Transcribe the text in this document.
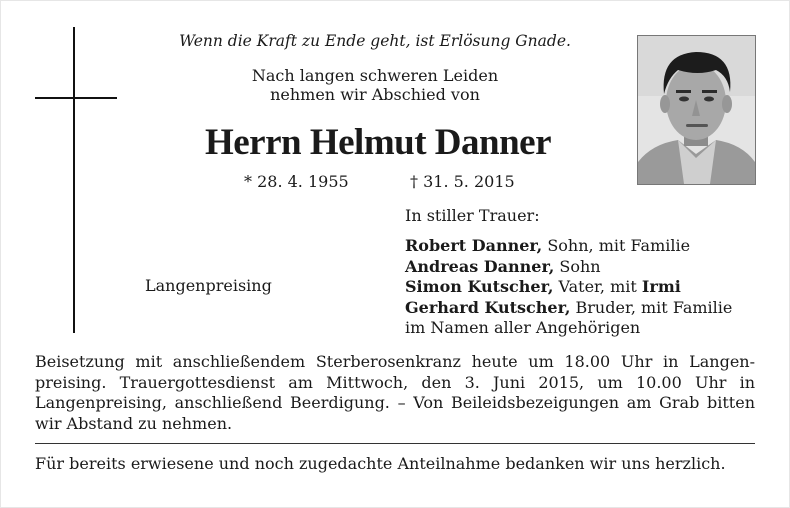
Wenn die Kraft zu Ende geht, ist Erlösung Gnade.
Nach langen schweren Leiden
nehmen wir Abschied von
Herrn Helmut Danner
* 28. 4. 1955	† 31. 5. 2015
Langenpreising
In stiller Trauer:
Robert Danner, Sohn, mit Familie
Andreas Danner, Sohn
Simon Kutscher, Vater, mit Irmi
Gerhard Kutscher, Bruder, mit Familie
im Namen aller Angehörigen
Beisetzung mit anschließendem Sterberosenkranz heute um 18.00 Uhr in Langenpreising. Trauergottesdienst am Mittwoch, den 3. Juni 2015, um 10.00 Uhr in Langenpreising, anschließend Beerdigung. – Von Beileidsbezeigungen am Grab bitten wir Abstand zu nehmen.
Für bereits erwiesene und noch zugedachte Anteilnahme bedanken wir uns herzlich.
